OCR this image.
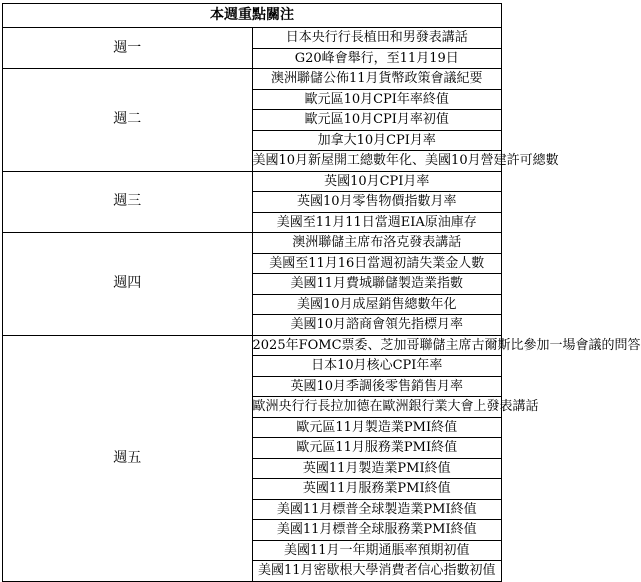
本週重點關注	
週一	日本央行行長植田和男發表講話
	G20峰會舉行，至11月19日
週二	澳洲聯儲公佈11月貨幣政策會議紀要
	歐元區10月CPI年率終值
	歐元區10月CPI月率初值
	加拿大10月CPI月率
	美國10月新屋開工總數年化、美國10月營建許可總數
週三	英國10月CPI月率
	英國10月零售物價指數月率
	美國至11月11日當週EIA原油庫存
週四	澳洲聯儲主席布洛克發表講話
	美國至11月16日當週初請失業金人數
	美國11月費城聯儲製造業指數
	美國10月成屋銷售總數年化
	美國10月諮商會領先指標月率
週五	2025年FOMC票委、芝加哥聯儲主席古爾斯比參加一場會議的問答
	日本10月核心CPI年率
	英國10月季調後零售銷售月率
	歐洲央行行長拉加德在歐洲銀行業大會上發表講話
	歐元區11月製造業PMI終值
	歐元區11月服務業PMI終值
	英國11月製造業PMI終值
	英國11月服務業PMI終值
	美國11月標普全球製造業PMI終值
	美國11月標普全球服務業PMI終值
	美國11月一年期通脹率預期初值
	美國11月密歇根大學消費者信心指數初值
